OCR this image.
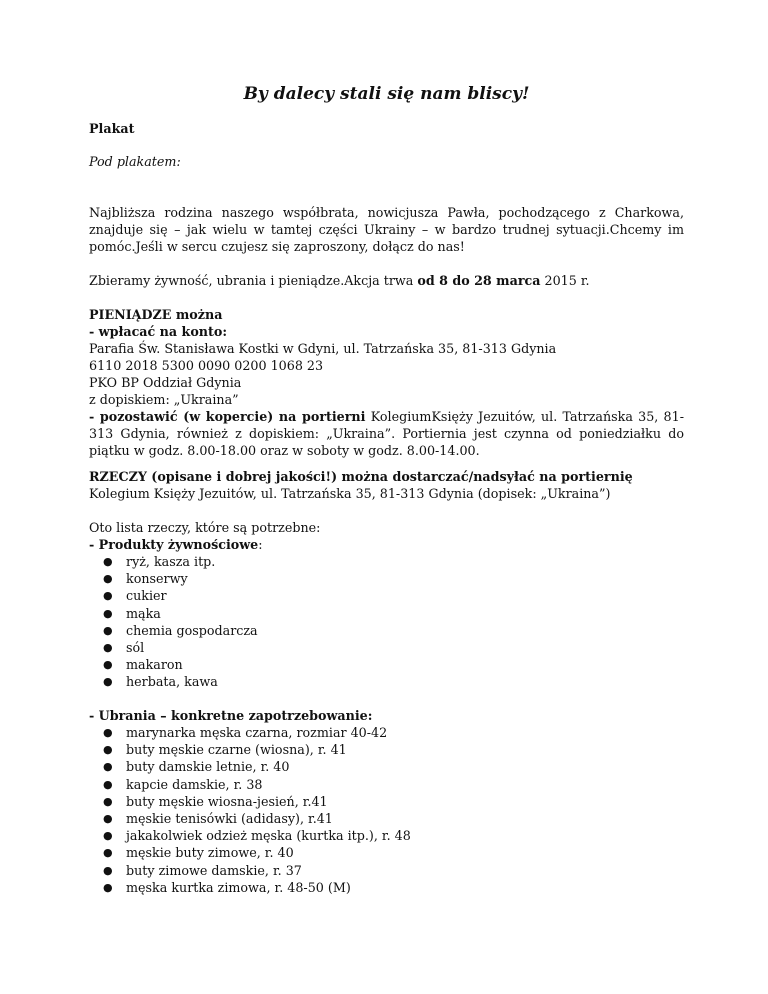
By dalecy stali się nam bliscy!
Plakat
Pod plakatem:
Najbliższa rodzina naszego współbrata, nowicjusza Pawła, pochodzącego z Charkowa, znajduje się – jak wielu w tamtej części Ukrainy – w bardzo trudnej sytuacji.Chcemy im pomóc.Jeśli w sercu czujesz się zaproszony, dołącz do nas!
Zbieramy żywność, ubrania i pieniądze.Akcja trwa od 8 do 28 marca 2015 r.
PIENIĄDZE można
- wpłacać na konto:
Parafia Św. Stanisława Kostki w Gdyni, ul. Tatrzańska 35, 81-313 Gdynia
6110 2018 5300 0090 0200 1068 23
PKO BP Oddział Gdynia
z dopiskiem: „Ukraina”
- pozostawić (w kopercie) na portierni KolegiumKsięży Jezuitów, ul. Tatrzańska 35, 81-313 Gdynia, również z dopiskiem: „Ukraina”. Portiernia jest czynna od poniedziałku do piątku w godz. 8.00-18.00 oraz w soboty w godz. 8.00-14.00.
RZECZY (opisane i dobrej jakości!) można dostarczać/nadsyłać na portiernię
Kolegium Księży Jezuitów, ul. Tatrzańska 35, 81-313 Gdynia (dopisek: „Ukraina”)
Oto lista rzeczy, które są potrzebne:
- Produkty żywnościowe:
● ryż, kasza itp.
● konserwy
● cukier
● mąka
● chemia gospodarcza
● sól
● makaron
● herbata, kawa
- Ubrania – konkretne zapotrzebowanie:
● marynarka męska czarna, rozmiar 40-42
● buty męskie czarne (wiosna), r. 41
● buty damskie letnie, r. 40
● kapcie damskie, r. 38
● buty męskie wiosna-jesień, r.41
● męskie tenisówki (adidasy), r.41
● jakakolwiek odzież męska (kurtka itp.), r. 48
● męskie buty zimowe, r. 40
● buty zimowe damskie, r. 37
● męska kurtka zimowa, r. 48-50 (M)
